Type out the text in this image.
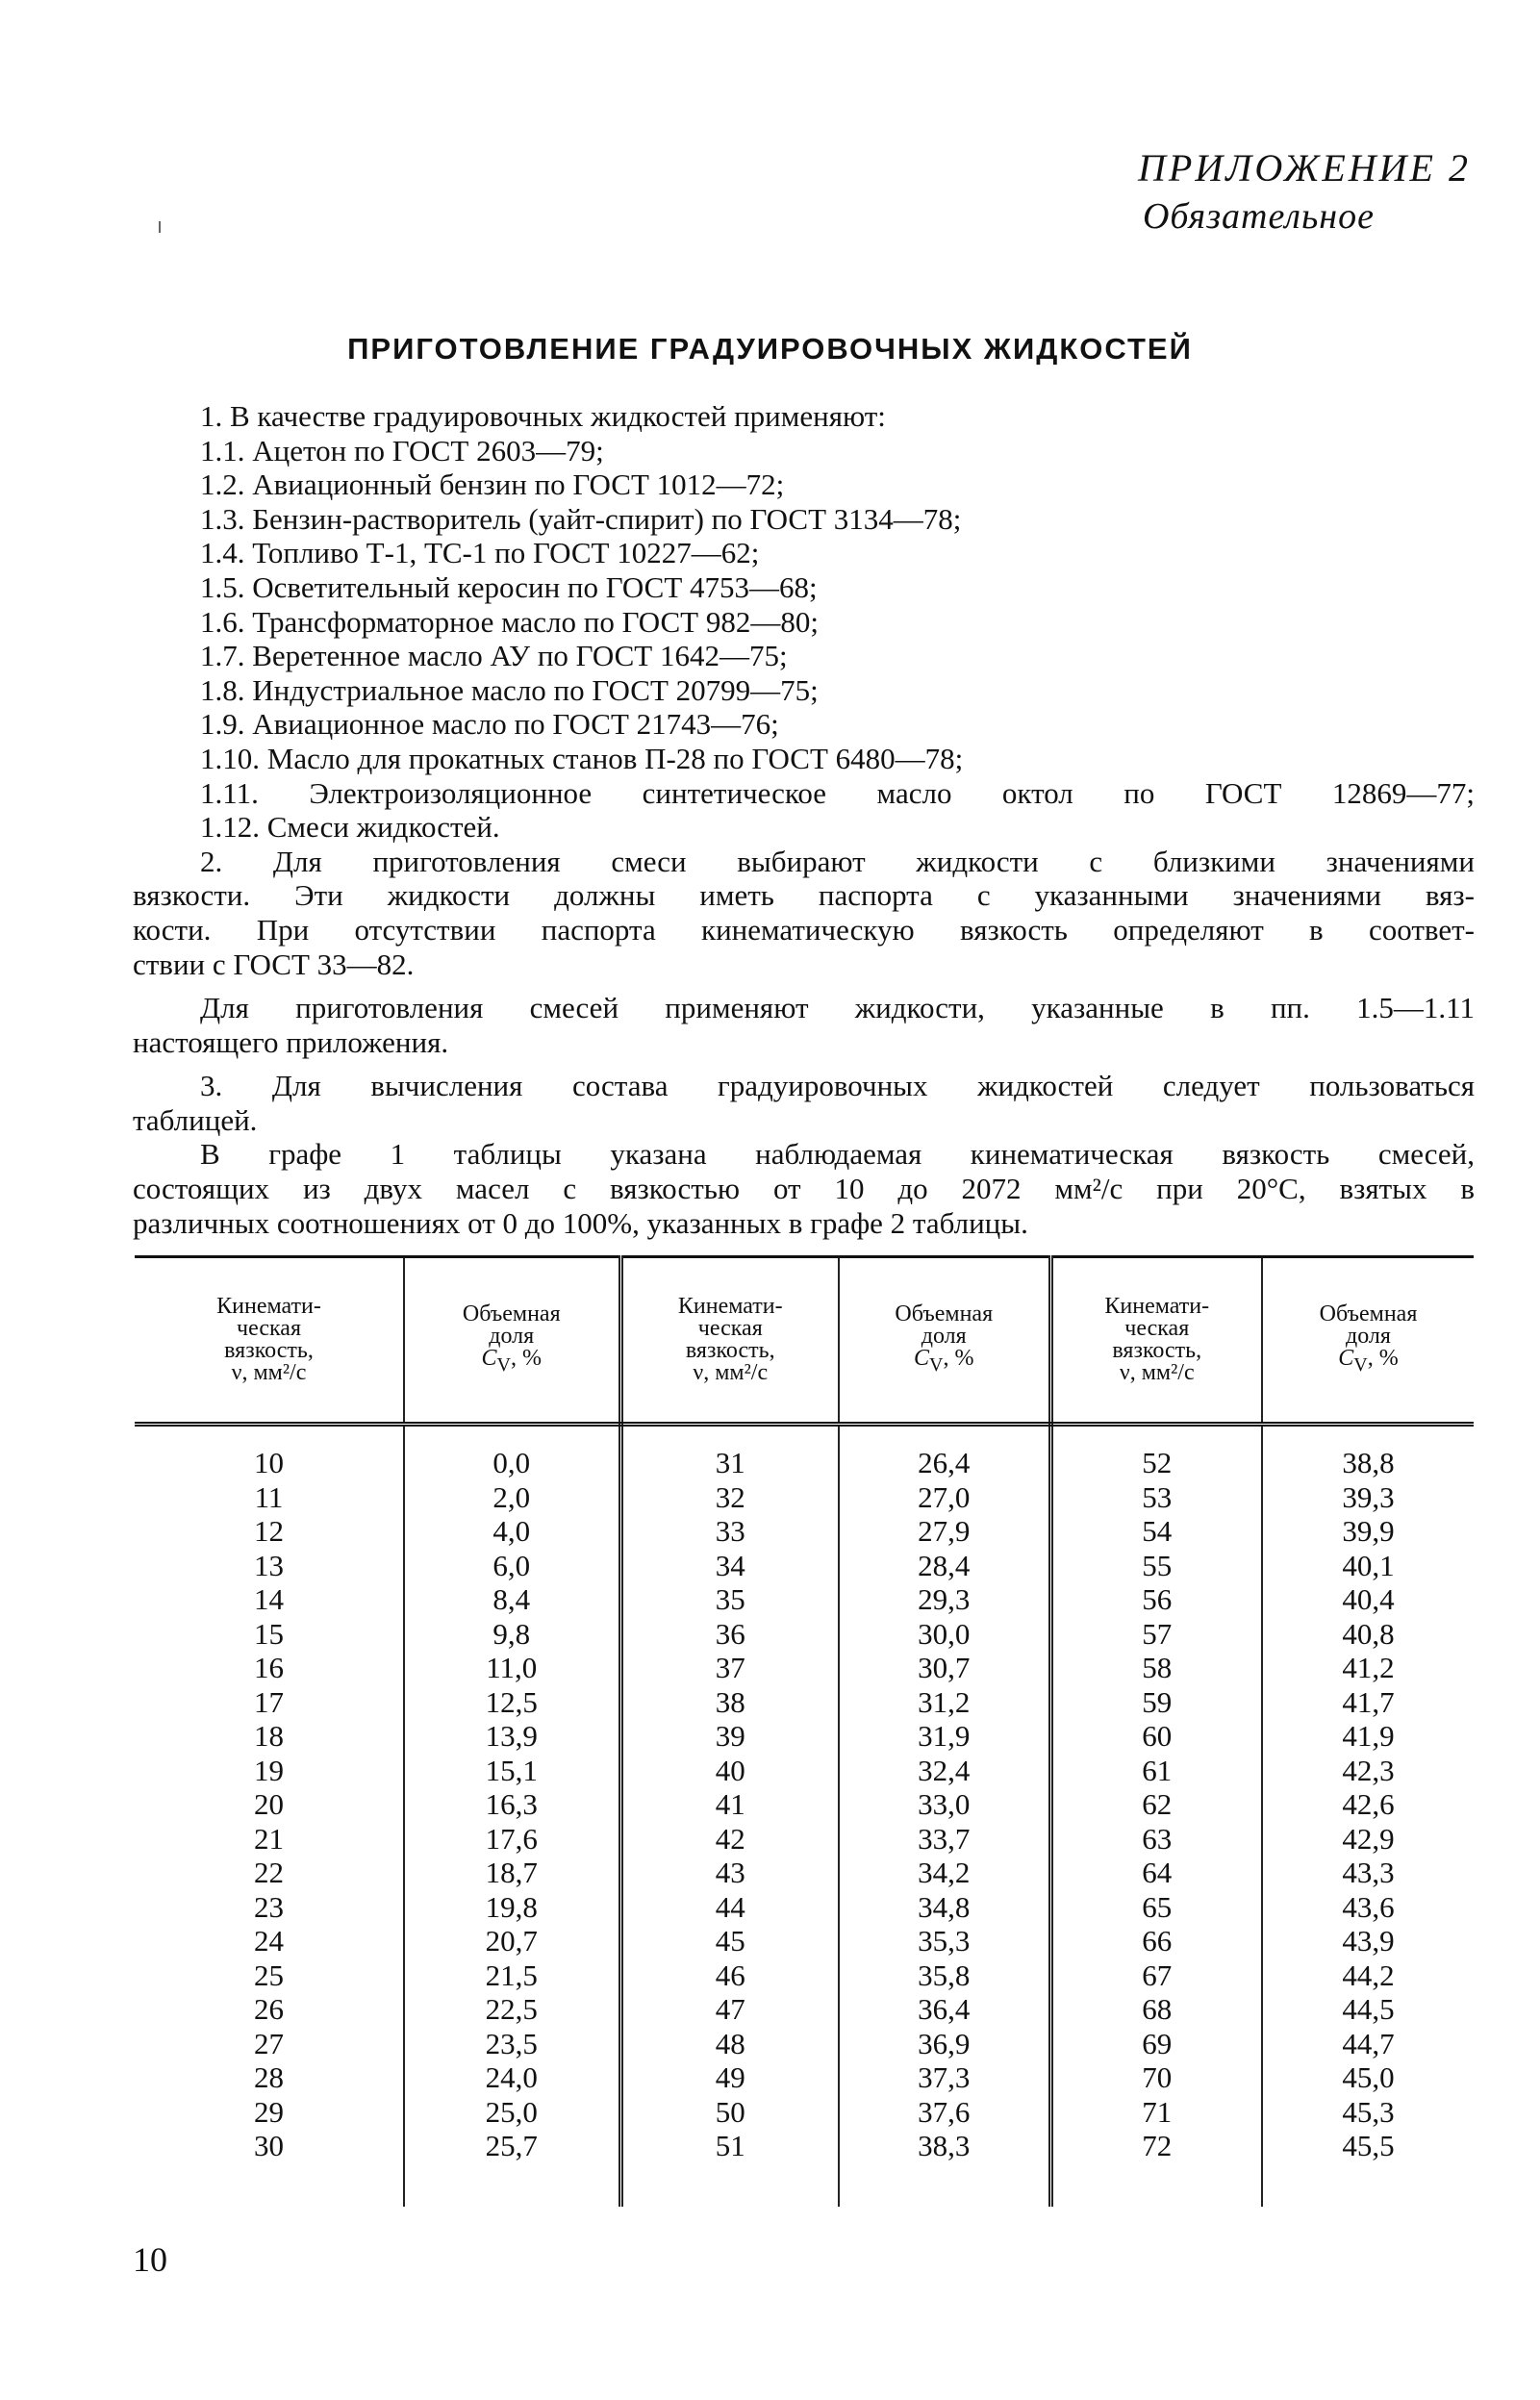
ПРИЛОЖЕНИЕ 2
Обязательное
ПРИГОТОВЛЕНИЕ ГРАДУИРОВОЧНЫХ ЖИДКОСТЕЙ
1. В качестве градуировочных жидкостей применяют:
1.1. Ацетон по ГОСТ 2603—79;
1.2. Авиационный бензин по ГОСТ 1012—72;
1.3. Бензин-растворитель (уайт-спирит) по ГОСТ 3134—78;
1.4. Топливо Т-1, ТС-1 по ГОСТ 10227—62;
1.5. Осветительный керосин по ГОСТ 4753—68;
1.6. Трансформаторное масло по ГОСТ 982—80;
1.7. Веретенное масло АУ по ГОСТ 1642—75;
1.8. Индустриальное масло по ГОСТ 20799—75;
1.9. Авиационное масло по ГОСТ 21743—76;
1.10. Масло для прокатных станов П-28 по ГОСТ 6480—78;
1.11. Электроизоляционное синтетическое масло октол по ГОСТ 12869—77;
1.12. Смеси жидкостей.
2. Для приготовления смеси выбирают жидкости с близкими значениями
вязкости. Эти жидкости должны иметь паспорта с указанными значениями вяз-
кости. При отсутствии паспорта кинематическую вязкость определяют в соответ-
ствии с ГОСТ 33—82.
Для приготовления смесей применяют жидкости, указанные в пп. 1.5—1.11
настоящего приложения.
3. Для вычисления состава градуировочных жидкостей следует пользоваться
таблицей.
В графе 1 таблицы указана наблюдаемая кинематическая вязкость смесей,
состоящих из двух масел с вязкостью от 10 до 2072 мм²/с при 20°C, взятых в
различных соотношениях от 0 до 100%, указанных в графе 2 таблицы.
Кинемати-
ческая
вязкость,
ν, мм²/с	Объемная
доля
$C_V$, %	Кинемати-
ческая
вязкость,
ν, мм²/с	Объемная
доля
$C_V$, %	Кинемати-
ческая
вязкость,
ν, мм²/с	Объемная
доля
$C_V$, %
10	0,0	31	26,4	52	38,8
11	2,0	32	27,0	53	39,3
12	4,0	33	27,9	54	39,9
13	6,0	34	28,4	55	40,1
14	8,4	35	29,3	56	40,4
15	9,8	36	30,0	57	40,8
16	11,0	37	30,7	58	41,2
17	12,5	38	31,2	59	41,7
18	13,9	39	31,9	60	41,9
19	15,1	40	32,4	61	42,3
20	16,3	41	33,0	62	42,6
21	17,6	42	33,7	63	42,9
22	18,7	43	34,2	64	43,3
23	19,8	44	34,8	65	43,6
24	20,7	45	35,3	66	43,9
25	21,5	46	35,8	67	44,2
26	22,5	47	36,4	68	44,5
27	23,5	48	36,9	69	44,7
28	24,0	49	37,3	70	45,0
29	25,0	50	37,6	71	45,3
30	25,7	51	38,3	72	45,5
10
